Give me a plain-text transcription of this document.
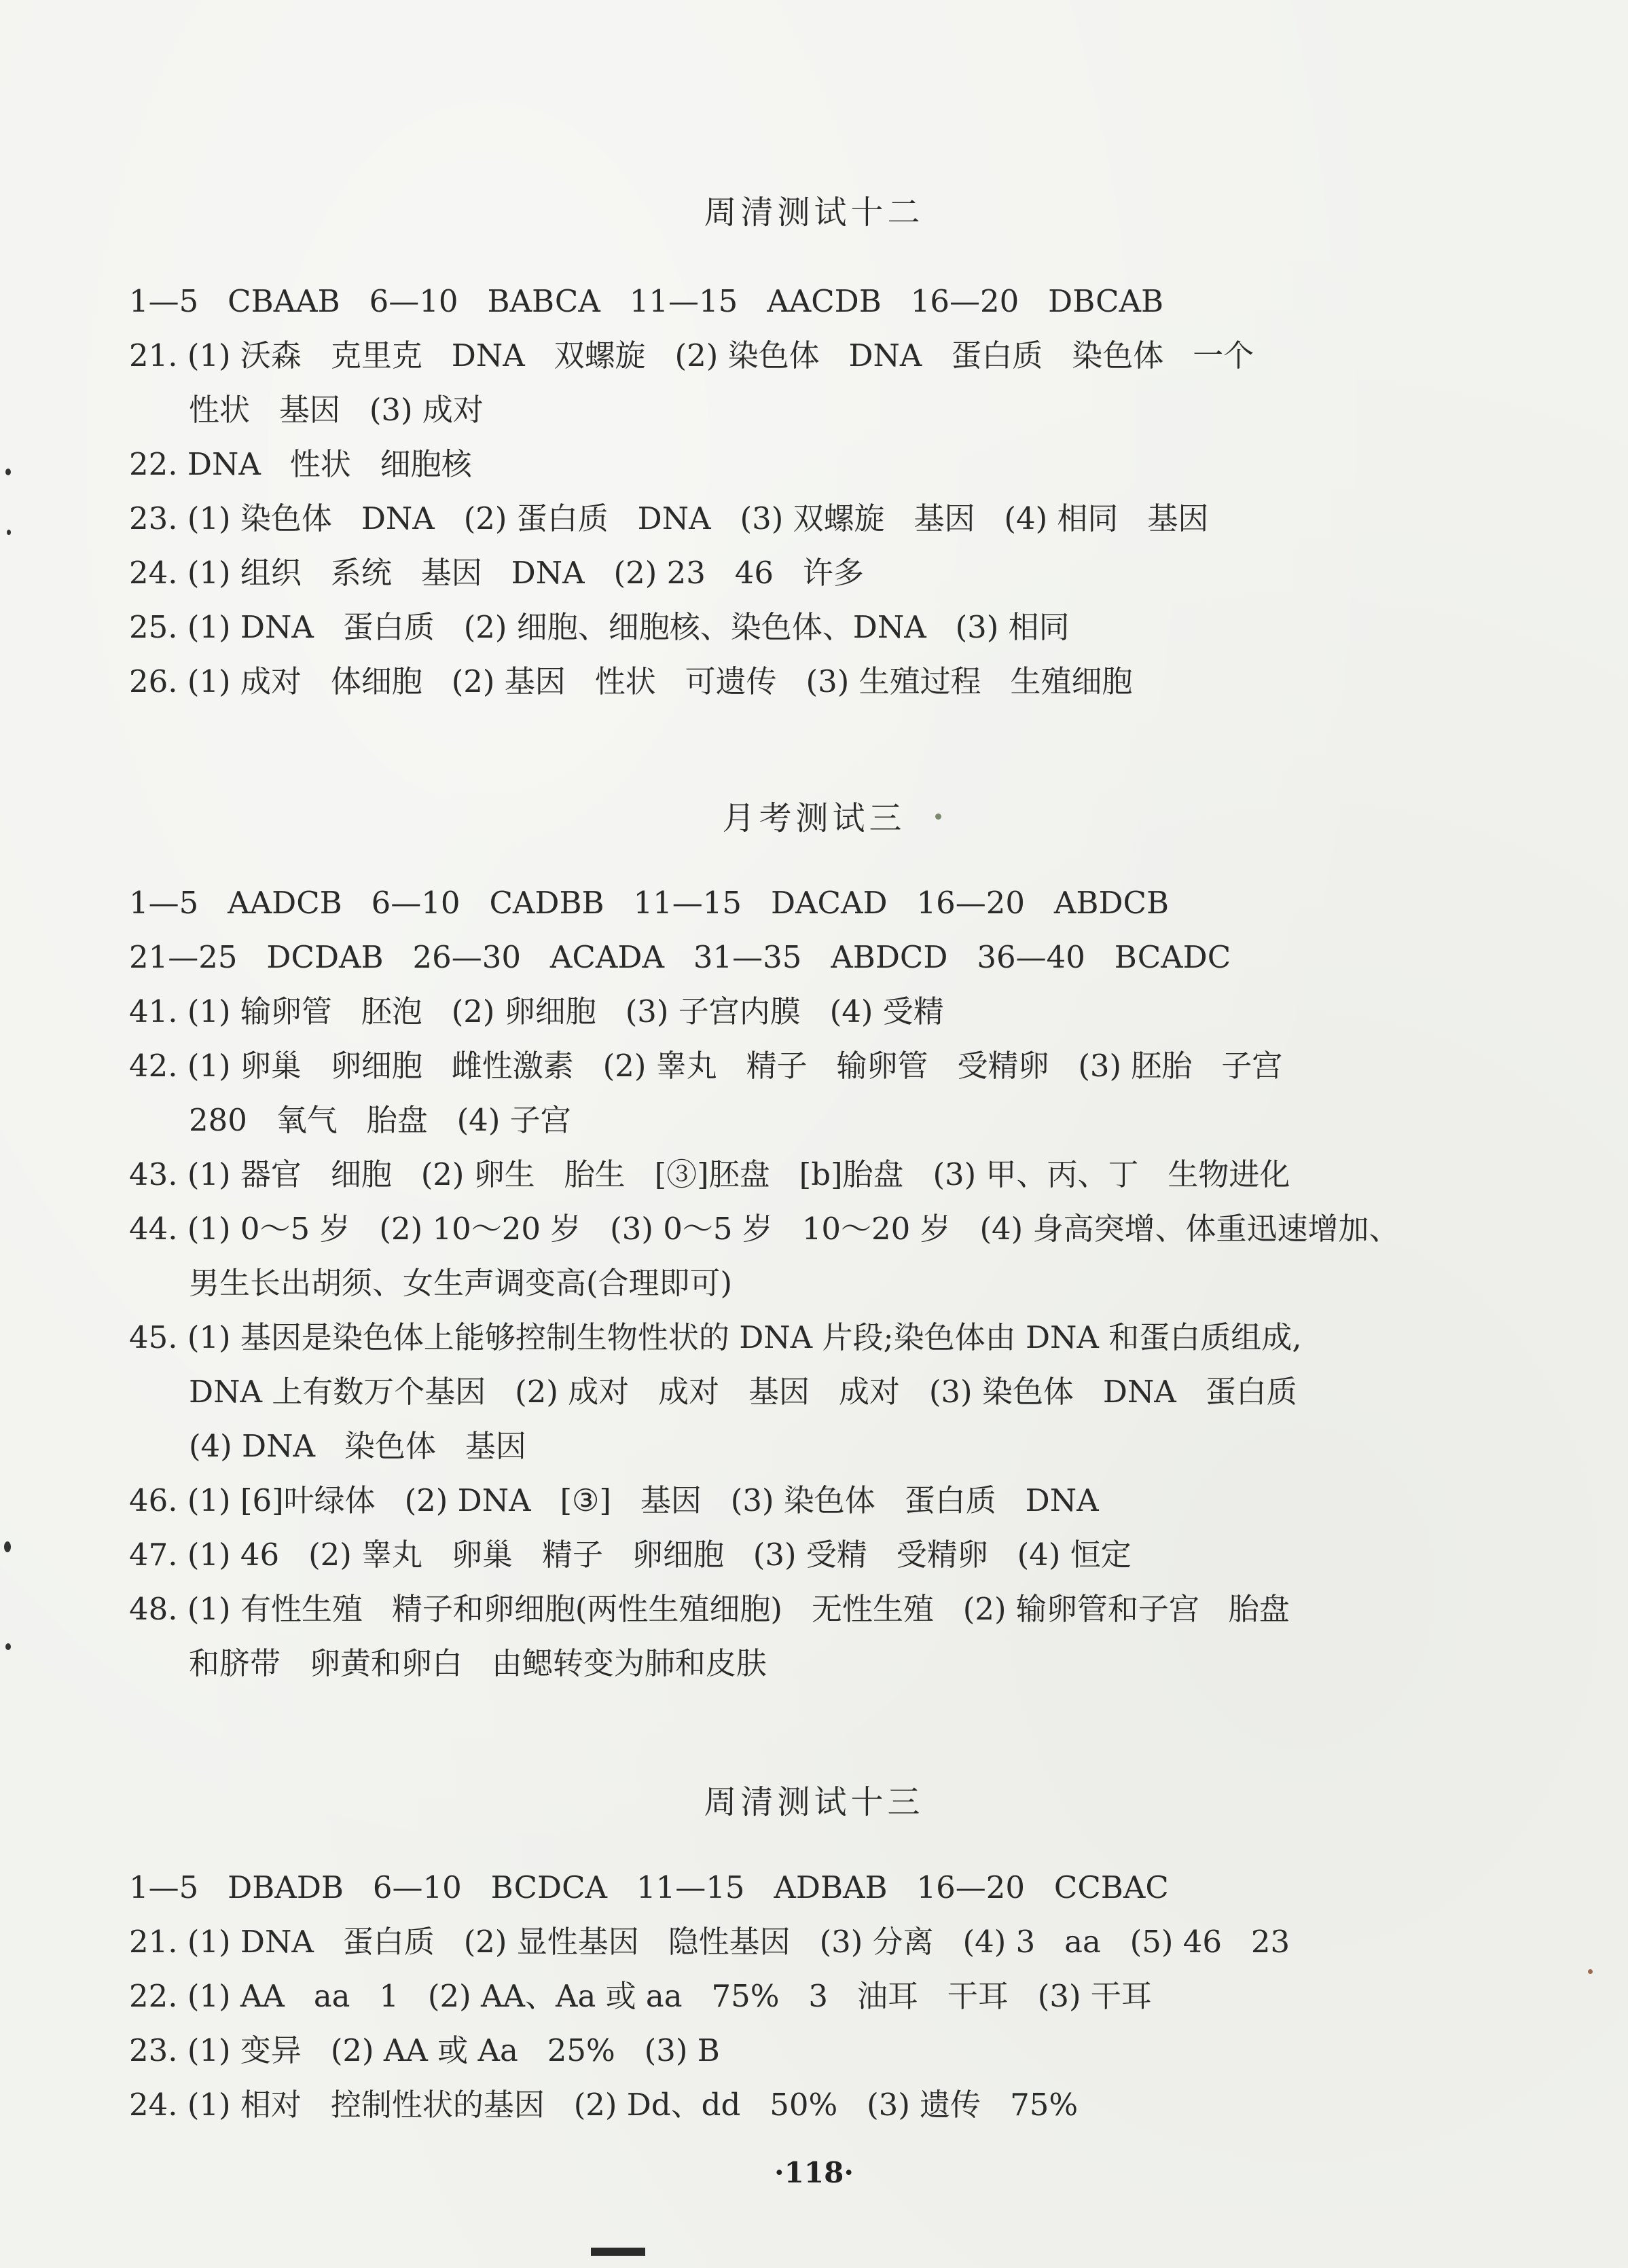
周清测试十二
1—5   CBAAB   6—10   BABCA   11—15   AACDB   16—20   DBCAB
21. (1) 沃森   克里克   DNA   双螺旋   (2) 染色体   DNA   蛋白质   染色体   一个
性状   基因   (3) 成对
22. DNA   性状   细胞核
23. (1) 染色体   DNA   (2) 蛋白质   DNA   (3) 双螺旋   基因   (4) 相同   基因
24. (1) 组织   系统   基因   DNA   (2) 23   46   许多
25. (1) DNA   蛋白质   (2) 细胞、细胞核、染色体、DNA   (3) 相同
26. (1) 成对   体细胞   (2) 基因   性状   可遗传   (3) 生殖过程   生殖细胞
月考测试三
1—5   AADCB   6—10   CADBB   11—15   DACAD   16—20   ABDCB
21—25   DCDAB   26—30   ACADA   31—35   ABDCD   36—40   BCADC
41. (1) 输卵管   胚泡   (2) 卵细胞   (3) 子宫内膜   (4) 受精
42. (1) 卵巢   卵细胞   雌性激素   (2) 睾丸   精子   输卵管   受精卵   (3) 胚胎   子宫
280   氧气   胎盘   (4) 子宫
43. (1) 器官   细胞   (2) 卵生   胎生   [③]胚盘   [b]胎盘   (3) 甲、丙、丁   生物进化
44. (1) 0～5 岁   (2) 10～20 岁   (3) 0～5 岁   10～20 岁   (4) 身高突增、体重迅速增加、
男生长出胡须、女生声调变高(合理即可)
45. (1) 基因是染色体上能够控制生物性状的 DNA 片段;染色体由 DNA 和蛋白质组成,
DNA 上有数万个基因   (2) 成对   成对   基因   成对   (3) 染色体   DNA   蛋白质
(4) DNA   染色体   基因
46. (1) [6]叶绿体   (2) DNA   [③]   基因   (3) 染色体   蛋白质   DNA
47. (1) 46   (2) 睾丸   卵巢   精子   卵细胞   (3) 受精   受精卵   (4) 恒定
48. (1) 有性生殖   精子和卵细胞(两性生殖细胞)   无性生殖   (2) 输卵管和子宫   胎盘
和脐带   卵黄和卵白   由鳃转变为肺和皮肤
周清测试十三
1—5   DBADB   6—10   BCDCA   11—15   ADBAB   16—20   CCBAC
21. (1) DNA   蛋白质   (2) 显性基因   隐性基因   (3) 分离   (4) 3   aa   (5) 46   23
22. (1) AA   aa   1   (2) AA、Aa 或 aa   75%   3   油耳   干耳   (3) 干耳
23. (1) 变异   (2) AA 或 Aa   25%   (3) B
24. (1) 相对   控制性状的基因   (2) Dd、dd   50%   (3) 遗传   75%
·118·
